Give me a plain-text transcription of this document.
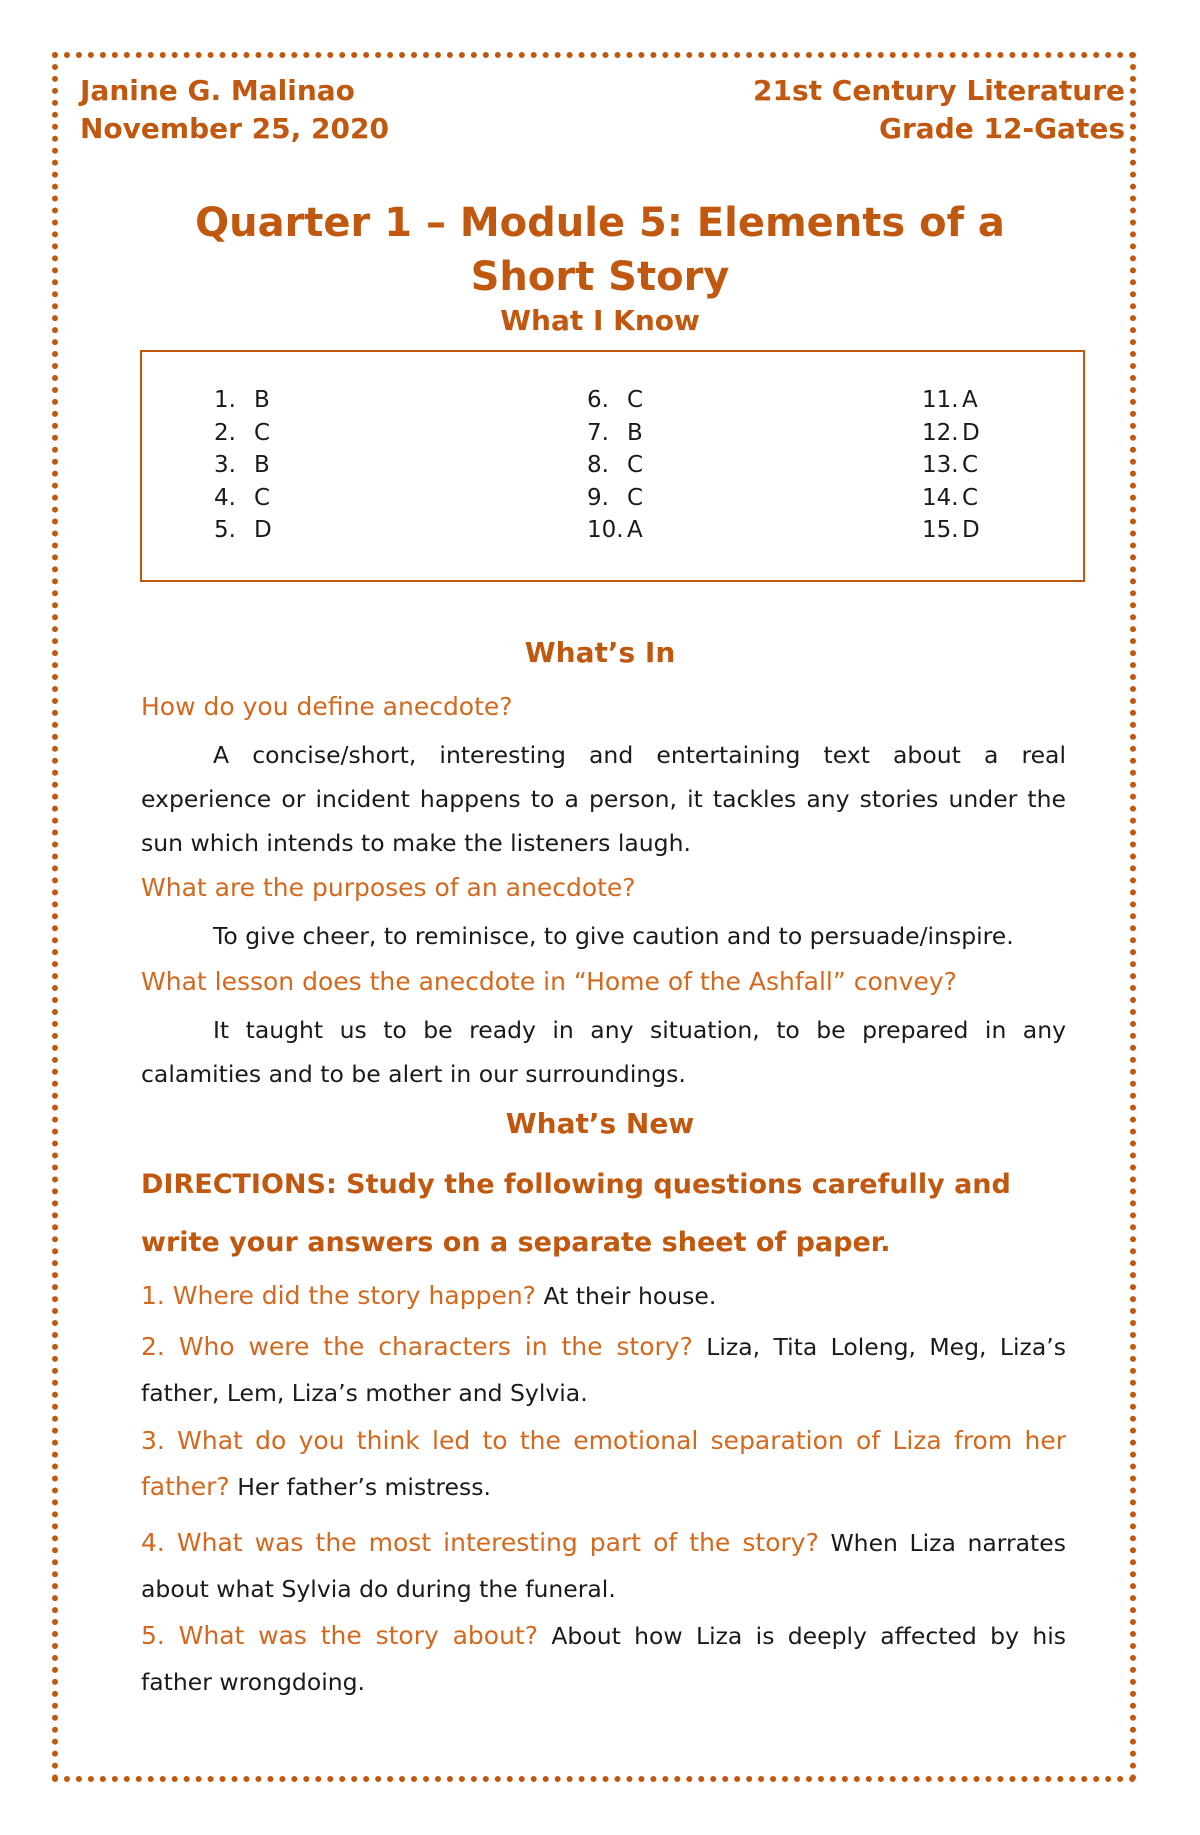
Janine G. Malinao
November 25, 2020
21st Century Literature
Grade 12-Gates
Quarter 1 – Module 5: Elements of a Short Story
What I Know
1. B
2. C
3. B
4. C
5. D
6. C
7. B
8. C
9. C
10. A
11. A
12. D
13. C
14. C
15. D
What’s In
How do you define anecdote?
A concise/short, interesting and entertaining text about a real experience or incident happens to a person, it tackles any stories under the sun which intends to make the listeners laugh.
What are the purposes of an anecdote?
To give cheer, to reminisce, to give caution and to persuade/inspire.
What lesson does the anecdote in “Home of the Ashfall” convey?
It taught us to be ready in any situation, to be prepared in any calamities and to be alert in our surroundings.
What’s New
DIRECTIONS: Study the following questions carefully and write your answers on a separate sheet of paper.
1. Where did the story happen? At their house.
2. Who were the characters in the story? Liza, Tita Loleng, Meg, Liza’s father, Lem, Liza’s mother and Sylvia.
3. What do you think led to the emotional separation of Liza from her father? Her father’s mistress.
4. What was the most interesting part of the story? When Liza narrates about what Sylvia do during the funeral.
5. What was the story about? About how Liza is deeply affected by his father wrongdoing.
